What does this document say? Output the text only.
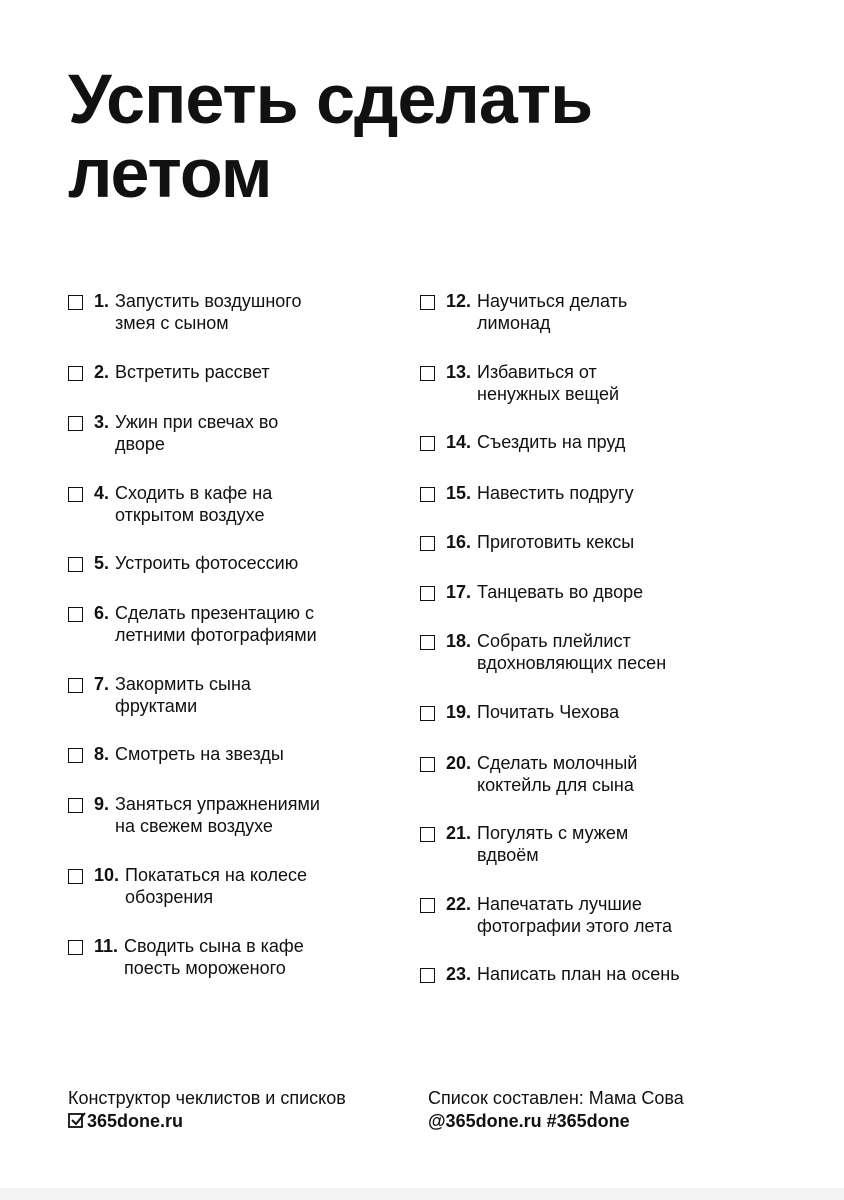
Успеть сделать летом
1. Запустить воздушного
змея с сыном
2. Встретить рассвет
3. Ужин при свечах во
дворе
4. Сходить в кафе на
открытом воздухе
5. Устроить фотосессию
6. Сделать презентацию с
летними фотографиями
7. Закормить сына
фруктами
8. Смотреть на звезды
9. Заняться упражнениями
на свежем воздухе
10. Покататься на колесе
обозрения
11. Сводить сына в кафе
поесть мороженого
12. Научиться делать
лимонад
13. Избавиться от
ненужных вещей
14. Съездить на пруд
15. Навестить подругу
16. Приготовить кексы
17. Танцевать во дворе
18. Собрать плейлист
вдохновляющих песен
19. Почитать Чехова
20. Сделать молочный
коктейль для сына
21. Погулять с мужем
вдвоём
22. Напечатать лучшие
фотографии этого лета
23. Написать план на осень
Конструктор чеклистов и списков
365done.ru
Список составлен: Мама Сова
@365done.ru #365done
